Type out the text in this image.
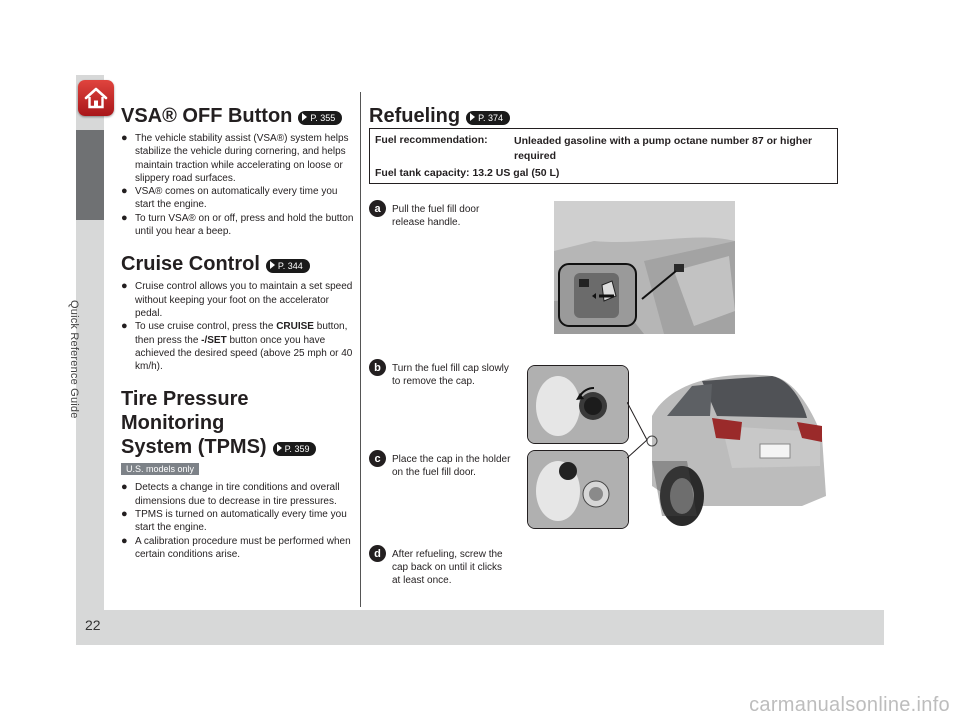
Quick Reference Guide
22
carmanualsonline.info
VSA® OFF Button	P. 355
● The vehicle stability assist (VSA®) system helps stabilize the vehicle during cornering, and helps maintain traction while accelerating on loose or slippery road surfaces.
● VSA® comes on automatically every time you start the engine.
● To turn VSA® on or off, press and hold the button until you hear a beep.
Cruise Control	P. 344
● Cruise control allows you to maintain a set speed without keeping your foot on the accelerator pedal.
● To use cruise control, press the CRUISE button, then press the -/SET button once you have achieved the desired speed (above 25 mph or 40 km/h).
Tire Pressure Monitoring
System (TPMS)	P. 359
U.S. models only
● Detects a change in tire conditions and overall dimensions due to decrease in tire pressures.
● TPMS is turned on automatically every time you start the engine.
● A calibration procedure must be performed when certain conditions arise.
Refueling	P. 374
Fuel recommendation:	Unleaded gasoline with a pump octane number 87 or higher required
Fuel tank capacity: 13.2 US gal (50 L)
a	Pull the fuel fill door release handle.
b	Turn the fuel fill cap slowly to remove the cap.
c	Place the cap in the holder on the fuel fill door.
d	After refueling, screw the cap back on until it clicks at least once.
